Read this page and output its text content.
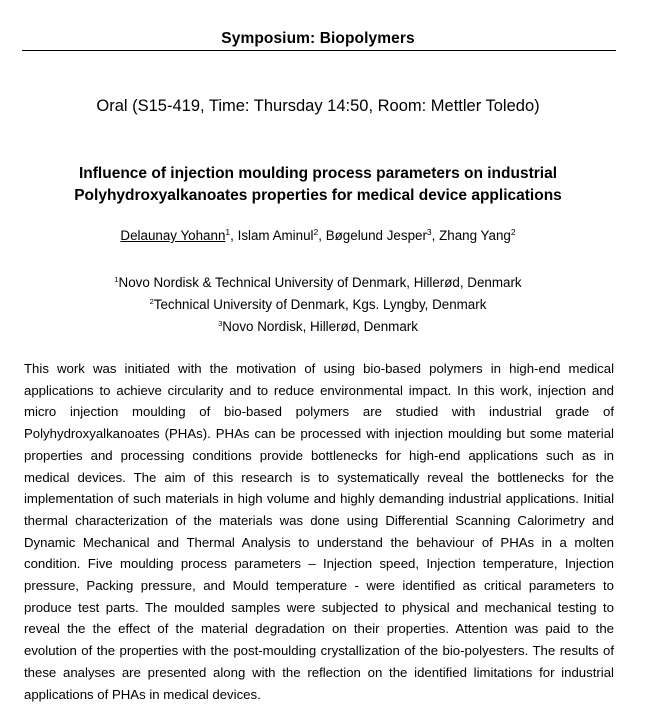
Symposium: Biopolymers
Oral (S15-419, Time: Thursday 14:50, Room: Mettler Toledo)
Influence of injection moulding process parameters on industrial
Polyhydroxyalkanoates properties for medical device applications
Delaunay Yohann$^1$, Islam Aminul$^2$, Bøgelund Jesper$^3$, Zhang Yang$^2$
$^1$Novo Nordisk & Technical University of Denmark, Hillerød, Denmark
$^2$Technical University of Denmark, Kgs. Lyngby, Denmark
$^3$Novo Nordisk, Hillerød, Denmark

This work was initiated with the motivation of using bio-based polymers in high-end medical applications to achieve circularity and to reduce environmental impact. In this work, injection and micro injection moulding of bio-based polymers are studied with industrial grade of Polyhydroxyalkanoates (PHAs). PHAs can be processed with injection moulding but some material properties and processing conditions provide bottlenecks for high-end applications such as in medical devices. The aim of this research is to systematically reveal the bottlenecks for the implementation of such materials in high volume and highly demanding industrial applications. Initial thermal characterization of the materials was done using Differential Scanning Calorimetry and Dynamic Mechanical and Thermal Analysis to understand the behaviour of PHAs in a molten condition. Five moulding process parameters – Injection speed, Injection temperature, Injection pressure, Packing pressure, and Mould temperature - were identified as critical parameters to produce test parts. The moulded samples were subjected to physical and mechanical testing to reveal the the effect of the material degradation on their properties. Attention was paid to the evolution of the properties with the post-moulding crystallization of the bio-polyesters. The results of these analyses are presented along with the reflection on the identified limitations for industrial applications of PHAs in medical devices.
